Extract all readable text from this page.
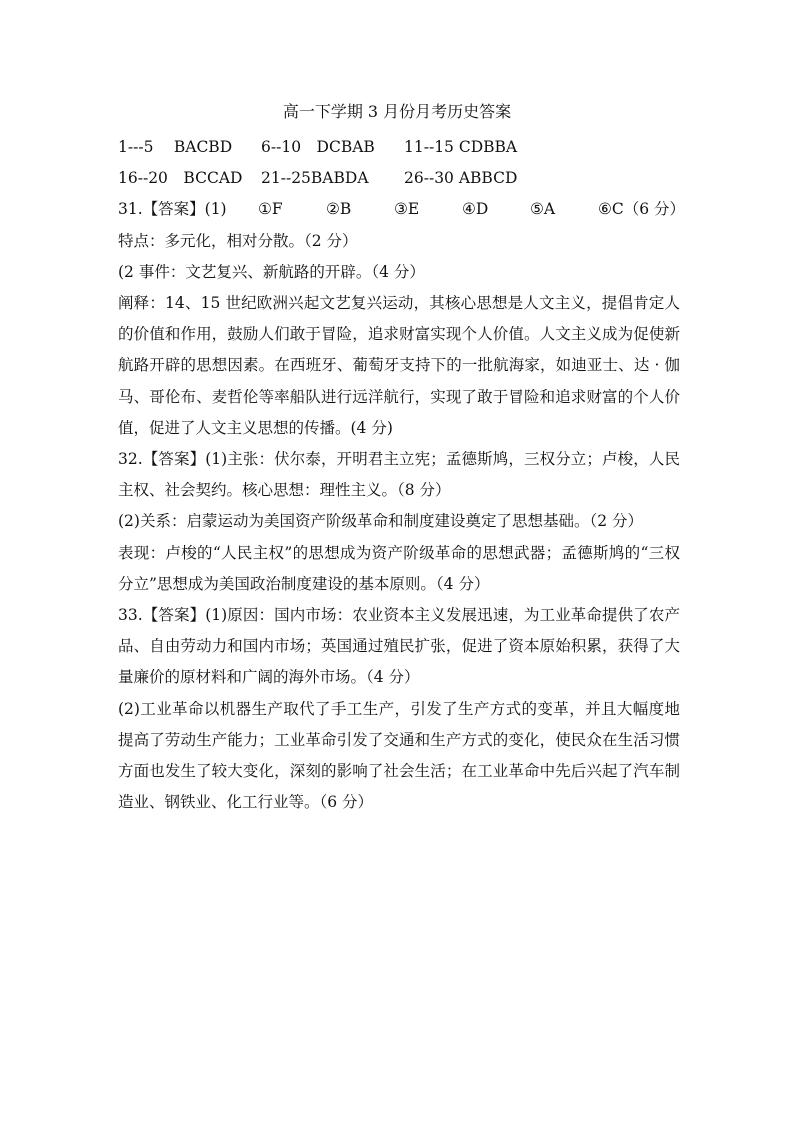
高一下学期 3 月份月考历史答案
1---5　 BACBD 6--10　DCBAB 11--15 CDBBA
16--20　BCCAD 21--25BABDA 26--30 ABBCD
31.【答案】(1) ①F	②B	③E	④D	⑤A	⑥C（6 分）
特点：多元化，相对分散。（2 分）
(2 事件：文艺复兴、新航路的开辟。（4 分）
阐释：14、15 世纪欧洲兴起文艺复兴运动，其核心思想是人文主义，提倡肯定人的价值和作用，鼓励人们敢于冒险，追求财富实现个人价值。人文主义成为促使新航路开辟的思想因素。在西班牙、葡萄牙支持下的一批航海家，如迪亚士、达 · 伽马、哥伦布、麦哲伦等率船队进行远洋航行，实现了敢于冒险和追求财富的个人价值，促进了人文主义思想的传播。(4 分)
32.【答案】(1)主张：伏尔泰，开明君主立宪；孟德斯鸠，三权分立；卢梭，人民主权、社会契约。核心思想：理性主义。（8 分）
(2)关系：启蒙运动为美国资产阶级革命和制度建设奠定了思想基础。（2 分）
表现：卢梭的“人民主权”的思想成为资产阶级革命的思想武器；孟德斯鸠的“三权分立”思想成为美国政治制度建设的基本原则。（4 分）
33.【答案】(1)原因：国内市场：农业资本主义发展迅速，为工业革命提供了农产品、自由劳动力和国内市场；英国通过殖民扩张，促进了资本原始积累，获得了大量廉价的原材料和广阔的海外市场。（4 分）
(2)工业革命以机器生产取代了手工生产，引发了生产方式的变革，并且大幅度地提高了劳动生产能力；工业革命引发了交通和生产方式的变化，使民众在生活习惯方面也发生了较大变化，深刻的影响了社会生活；在工业革命中先后兴起了汽车制造业、钢铁业、化工行业等。（6 分）
